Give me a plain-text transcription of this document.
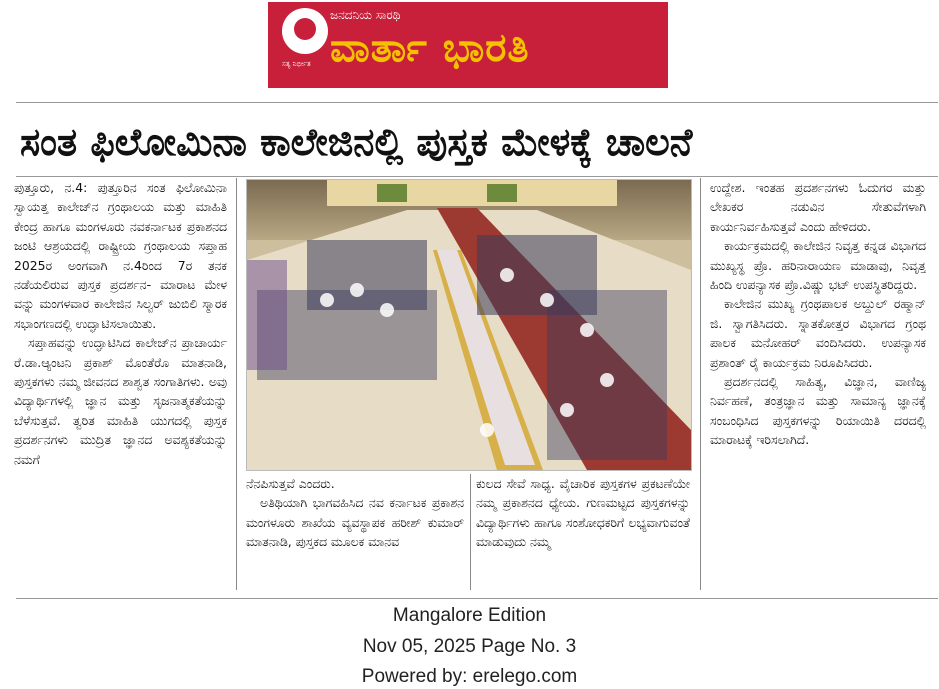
ಸತ್ಯ ನಿರ್ಭೀತ
ಜನದನಿಯ ಸಾರಥಿ
ವಾರ್ತಾ ಭಾರತಿ
ಸಂತ ಫಿಲೋಮಿನಾ ಕಾಲೇಜಿನಲ್ಲಿ ಪುಸ್ತಕ ಮೇಳಕ್ಕೆ ಚಾಲನೆ

ಪುತ್ತೂರು, ನ.4: ಪುತ್ತೂರಿನ ಸಂತ ಫಿಲೋಮಿನಾ ಸ್ವಾಯತ್ತ ಕಾಲೇಜ್‌ನ ಗ್ರಂಥಾಲಯ ಮತ್ತು ಮಾಹಿತಿ ಕೇಂದ್ರ ಹಾಗೂ ಮಂಗಳೂರು ನವಕರ್ನಾಟಕ ಪ್ರಕಾಶನದ ಜಂಟಿ ಆಶ್ರಯದಲ್ಲಿ ರಾಷ್ಟ್ರೀಯ ಗ್ರಂಥಾಲಯ ಸಪ್ತಾಹ 2025ರ ಅಂಗವಾಗಿ ನ.4ರಿಂದ 7ರ ತನಕ ನಡೆಯಲಿರುವ ಪುಸ್ತಕ ಪ್ರದರ್ಶನ- ಮಾರಾಟ ಮೇಳ ವನ್ನು ಮಂಗಳವಾರ ಕಾಲೇಜಿನ ಸಿಲ್ವರ್ ಜುಬಿಲಿ ಸ್ಮಾರಕ ಸಭಾಂಗಣದಲ್ಲಿ ಉದ್ಘಾಟಿಸಲಾಯಿತು.

ಸಪ್ತಾಹವನ್ನು ಉದ್ಘಾಟಿಸಿದ ಕಾಲೇಜ್‌ನ ಪ್ರಾಚಾರ್ಯ ರೆ.ಡಾ.ಆ್ಯಂಟನಿ ಪ್ರಕಾಶ್ ಮೊಂತೆರೊ ಮಾತನಾಡಿ, ಪುಸ್ತಕಗಳು ನಮ್ಮ ಜೀವನದ ಶಾಶ್ವತ ಸಂಗಾತಿಗಳು. ಅವು ವಿದ್ಯಾರ್ಥಿಗಳಲ್ಲಿ ಜ್ಞಾನ ಮತ್ತು ಸೃಜನಾತ್ಮಕತೆಯನ್ನು ಬೆಳೆಸುತ್ತವೆ. ತ್ವರಿತ ಮಾಹಿತಿ ಯುಗದಲ್ಲಿ ಪುಸ್ತಕ ಪ್ರದರ್ಶನಗಳು ಮುದ್ರಿತ ಜ್ಞಾನದ ಅವಶ್ಯಕತೆಯನ್ನು ನಮಗೆ

ನೆನಪಿಸುತ್ತವೆ ಎಂದರು.

ಅತಿಥಿಯಾಗಿ ಭಾಗವಹಿಸಿದ ನವ ಕರ್ನಾಟಕ ಪ್ರಕಾಶನ ಮಂಗಳೂರು ಶಾಖೆಯ ವ್ಯವಸ್ಥಾಪಕ ಹರೀಶ್ ಕುಮಾರ್ ಮಾತನಾಡಿ, ಪುಸ್ತಕದ ಮೂಲಕ ಮಾನವ

ಕುಲದ ಸೇವೆ ಸಾಧ್ಯ. ವೈಚಾರಿಕ ಪುಸ್ತಕಗಳ ಪ್ರಕಟಣೆಯೇ ನಮ್ಮ ಪ್ರಕಾಶನದ ಧ್ಯೇಯ. ಗುಣಮಟ್ಟದ ಪುಸ್ತಕಗಳನ್ನು ವಿದ್ಯಾರ್ಥಿಗಳು ಹಾಗೂ ಸಂಶೋಧಕರಿಗೆ ಲಭ್ಯವಾಗುವಂತೆ ಮಾಡುವುದು ನಮ್ಮ

ಉದ್ದೇಶ. ಇಂತಹ ಪ್ರದರ್ಶನಗಳು ಓದುಗರ ಮತ್ತು ಲೇಖಕರ ನಡುವಿನ ಸೇತುವೆಗಳಾಗಿ ಕಾರ್ಯನಿರ್ವಹಿಸುತ್ತವೆ ಎಂದು ಹೇಳಿದರು.

ಕಾರ್ಯಕ್ರಮದಲ್ಲಿ ಕಾಲೇಜಿನ ನಿವೃತ್ತ ಕನ್ನಡ ವಿಭಾಗದ ಮುಖ್ಯಸ್ಥ ಪ್ರೊ. ಹರಿನಾರಾಯಣ ಮಾಡಾವು, ನಿವೃತ್ತ ಹಿಂದಿ ಉಪನ್ಯಾಸಕ ಪ್ರೊ.ವಿಷ್ಣು ಭಟ್ ಉಪಸ್ಥಿತರಿದ್ದರು.

ಕಾಲೇಜಿನ ಮುಖ್ಯ ಗ್ರಂಥಪಾಲಕ ಅಬ್ದುಲ್ ರಹ್ಮಾನ್ ಜಿ. ಸ್ವಾಗತಿಸಿದರು. ಸ್ನಾತಕೋತ್ತರ ವಿಭಾಗದ ಗ್ರಂಥ ಪಾಲಕ ಮನೋಹರ್ ವಂದಿಸಿದರು. ಉಪನ್ಯಾಸಕ ಪ್ರಶಾಂತ್ ರೈ ಕಾರ್ಯಕ್ರಮ ನಿರೂಪಿಸಿದರು.

ಪ್ರದರ್ಶನದಲ್ಲಿ ಸಾಹಿತ್ಯ, ವಿಜ್ಞಾನ, ವಾಣಿಜ್ಯ ನಿರ್ವಹಣೆ, ತಂತ್ರಜ್ಞಾನ ಮತ್ತು ಸಾಮಾನ್ಯ ಜ್ಞಾನಕ್ಕೆ ಸಂಬಂಧಿಸಿದ ಪುಸ್ತಕಗಳನ್ನು ರಿಯಾಯಿತಿ ದರದಲ್ಲಿ ಮಾರಾಟಕ್ಕೆ ಇರಿಸಲಾಗಿದೆ.

Mangalore Edition
Nov 05, 2025 Page No. 3
Powered by: erelego.com
